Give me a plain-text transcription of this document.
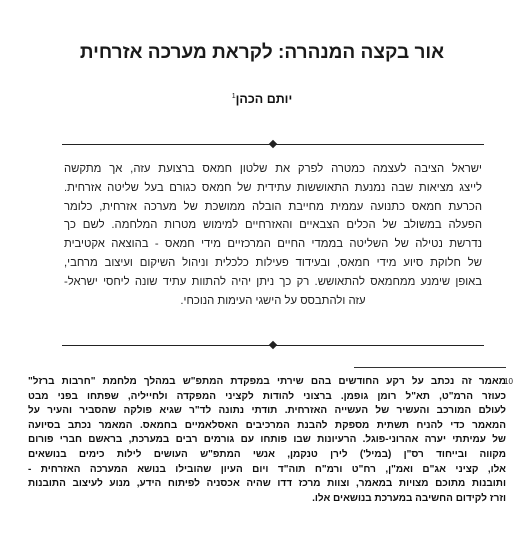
אור בקצה המנהרה: לקראת מערכה אזרחית

יותם הכהן$^1$

ישראל הציבה לעצמה כמטרה לפרק את שלטון חמאס ברצועת עזה, אך מתקשה
לייצג מציאות שבה נמנעת התאוששות עתידית של חמאס כגורם בעל שליטה אזרחית.
הכרעת חמאס כתנועה עממית מחייבת הובלה ממושכת של מערכה אזרחית, כלומר
הפעלה במשולב של הכלים הצבאיים והאזרחיים למימוש מטרות המלחמה. לשם כך
נדרשת נטילה של השליטה בממדי החיים המרכזיים מידי חמאס - בהוצאה אקטיבית
של חלוקת סיוע מידי חמאס, ובעידוד פעילות כלכלית וניהול השיקום ועיצוב מרחבי,
באופן שימנע ממחמאס להתאושש. רק כך ניתן יהיה להתוות עתיד שונה ליחסי ישראל-
עזה ולהתבסס על הישגי העימות הנוכחי.
10
מאמר זה נכתב על רקע החודשים בהם שירתי במפקדת המתפ"ש במהלך מלחמת "חרבות ברזל"
כעוזר הרמ"ט, תא"ל רומן גופמן. ברצוני להודות לקציני המפקדה ולחייליה, שפתחו בפני מבט
לעולם המורכב והעשיר של העשייה האזרחית. תודתי נתונה לד"ר שגיא פולקה שהסביר והעיר על
המאמר כדי להניח תשתית מספקת להבנת המרכיבים האסלאמיים בחמאס. המאמר נכתב בסיועה
של עמיתתי יערה אהרוני-פוגל. הרעיונות שבו פותחו עם גורמים רבים במערכת, בראשם חברי פורום
מקווה ובייחוד רס"ן (במיל') לירן טנקמן, אנשי המתפ"ש העושים לילות כימים בנושאים
אלו, קציני אג"ם ואמ"ן, רח"ט ורמ"ח תוה"ד ויום העיון שהובילו בנושא המערכה האזרחית -
ותובנות מתוכם מצויות במאמר, וצוות מרכז דדו שהיה אכסניה לפיתוח הידע, מנוע לעיצוב התובנות
וזרז לקידום החשיבה במערכת בנושאים אלו.
